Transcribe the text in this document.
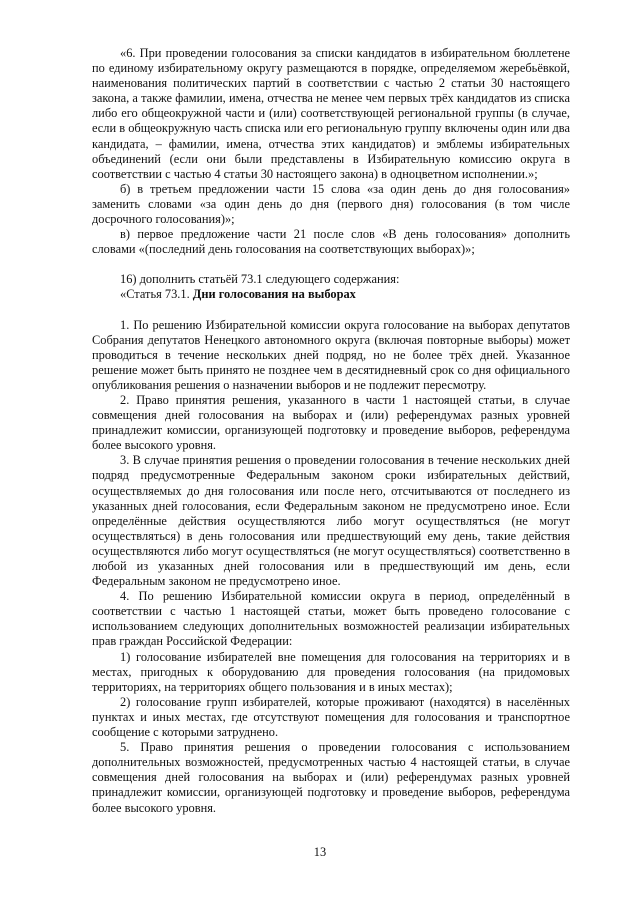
«6. При проведении голосования за списки кандидатов в избирательном бюллетене по единому избирательному округу размещаются в порядке, определяемом жеребьёвкой, наименования политических партий в соответствии с частью 2 статьи 30 настоящего закона, а также фамилии, имена, отчества не менее чем первых трёх кандидатов из списка либо его общеокружной части и (или) соответствующей региональной группы (в случае, если в общеокружную часть списка или его региональную группу включены один или два кандидата, – фамилии, имена, отчества этих кандидатов) и эмблемы избирательных объединений (если они были представлены в Избирательную комиссию округа в соответствии с частью 4 статьи 30 настоящего закона) в одноцветном исполнении.»;

б) в третьем предложении части 15 слова «за один день до дня голосования» заменить словами «за один день до дня (первого дня) голосования (в том числе досрочного голосования)»;

в) первое предложение части 21 после слов «В день голосования» дополнить словами «(последний день голосования на соответствующих выборах)»;

16) дополнить статьёй 73.1 следующего содержания:

«Статья 73.1. Дни голосования на выборах

1. По решению Избирательной комиссии округа голосование на выборах депутатов Собрания депутатов Ненецкого автономного округа (включая повторные выборы) может проводиться в течение нескольких дней подряд, но не более трёх дней. Указанное решение может быть принято не позднее чем в десятидневный срок со дня официального опубликования решения о назначении выборов и не подлежит пересмотру.

2. Право принятия решения, указанного в части 1 настоящей статьи, в случае совмещения дней голосования на выборах и (или) референдумах разных уровней принадлежит комиссии, организующей подготовку и проведение выборов, референдума более высокого уровня.

3. В случае принятия решения о проведении голосования в течение нескольких дней подряд предусмотренные Федеральным законом сроки избирательных действий, осуществляемых до дня голосования или после него, отсчитываются от последнего из указанных дней голосования, если Федеральным законом не предусмотрено иное. Если определённые действия осуществляются либо могут осуществляться (не могут осуществляться) в день голосования или предшествующий ему день, такие действия осуществляются либо могут осуществляться (не могут осуществляться) соответственно в любой из указанных дней голосования или в предшествующий им день, если Федеральным законом не предусмотрено иное.

4. По решению Избирательной комиссии округа в период, определённый в соответствии с частью 1 настоящей статьи, может быть проведено голосование с использованием следующих дополнительных возможностей реализации избирательных прав граждан Российской Федерации:

1) голосование избирателей вне помещения для голосования на территориях и в местах, пригодных к оборудованию для проведения голосования (на придомовых территориях, на территориях общего пользования и в иных местах);

2) голосование групп избирателей, которые проживают (находятся) в населённых пунктах и иных местах, где отсутствуют помещения для голосования и транспортное сообщение с которыми затруднено.

5. Право принятия решения о проведении голосования с использованием дополнительных возможностей, предусмотренных частью 4 настоящей статьи, в случае совмещения дней голосования на выборах и (или) референдумах разных уровней принадлежит комиссии, организующей подготовку и проведение выборов, референдума более высокого уровня.

13
